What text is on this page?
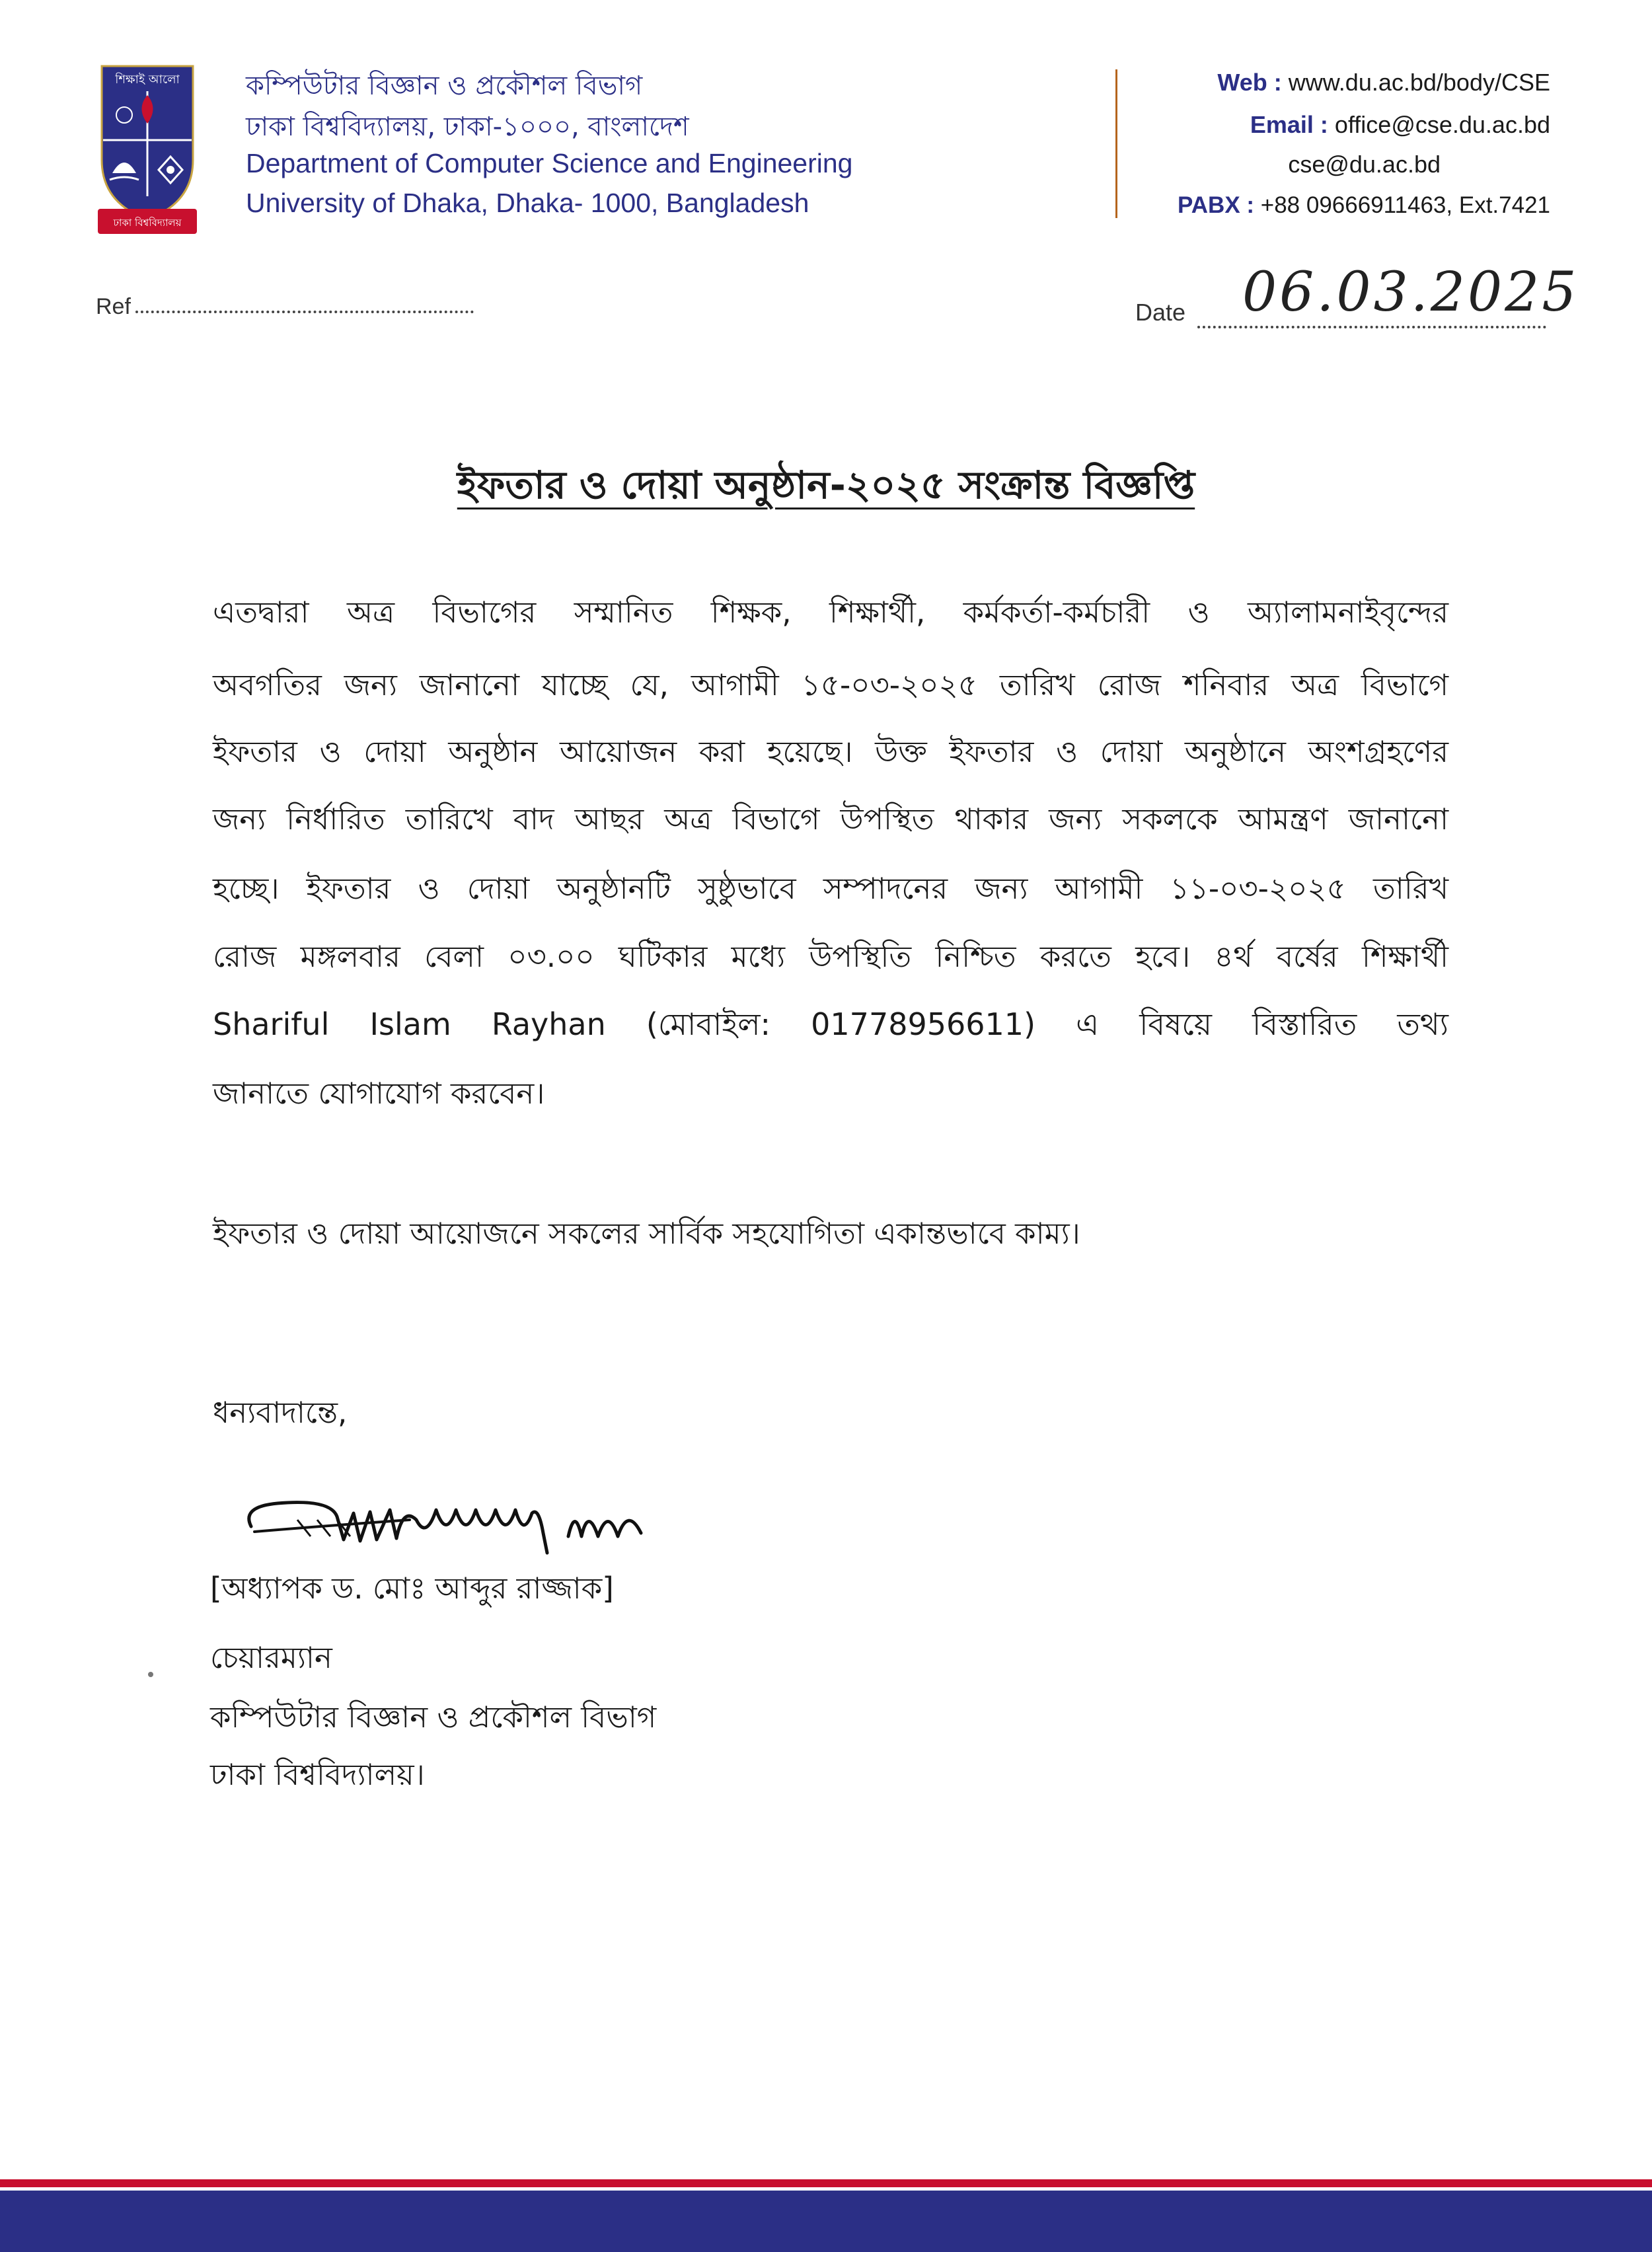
শিক্ষাই আলো
ঢাকা বিশ্ববিদ্যালয়
কম্পিউটার বিজ্ঞান ও প্রকৌশল বিভাগ
ঢাকা বিশ্ববিদ্যালয়, ঢাকা-১০০০, বাংলাদেশ
Department of Computer Science and Engineering
University of Dhaka, Dhaka- 1000, Bangladesh
Web : www.du.ac.bd/body/CSE
Email : office@cse.du.ac.bd
cse@du.ac.bd
PABX : +88 09666911463, Ext.7421
Ref	Date 06.03.2025
ইফতার ও দোয়া অনুষ্ঠান-২০২৫ সংক্রান্ত বিজ্ঞপ্তি
এতদ্বারা অত্র বিভাগের সম্মানিত শিক্ষক, শিক্ষার্থী, কর্মকর্তা-কর্মচারী ও অ্যালামনাইবৃন্দের
অবগতির জন্য জানানো যাচ্ছে যে, আগামী ১৫-০৩-২০২৫ তারিখ রোজ শনিবার অত্র বিভাগে
ইফতার ও দোয়া অনুষ্ঠান আয়োজন করা হয়েছে। উক্ত ইফতার ও দোয়া অনুষ্ঠানে অংশগ্রহণের
জন্য নির্ধারিত তারিখে বাদ আছর অত্র বিভাগে উপস্থিত থাকার জন্য সকলকে আমন্ত্রণ জানানো
হচ্ছে। ইফতার ও দোয়া অনুষ্ঠানটি সুষ্ঠুভাবে সম্পাদনের জন্য আগামী ১১-০৩-২০২৫ তারিখ
রোজ মঙ্গলবার বেলা ০৩.০০ ঘটিকার মধ্যে উপস্থিতি নিশ্চিত করতে হবে। ৪র্থ বর্ষের শিক্ষার্থী
Shariful Islam Rayhan (মোবাইল: 01778956611) এ বিষয়ে বিস্তারিত তথ্য
জানাতে যোগাযোগ করবেন।
ইফতার ও দোয়া আয়োজনে সকলের সার্বিক সহযোগিতা একান্তভাবে কাম্য।
ধন্যবাদান্তে,
[অধ্যাপক ড. মোঃ আব্দুর রাজ্জাক]
চেয়ারম্যান
কম্পিউটার বিজ্ঞান ও প্রকৌশল বিভাগ
ঢাকা বিশ্ববিদ্যালয়।
